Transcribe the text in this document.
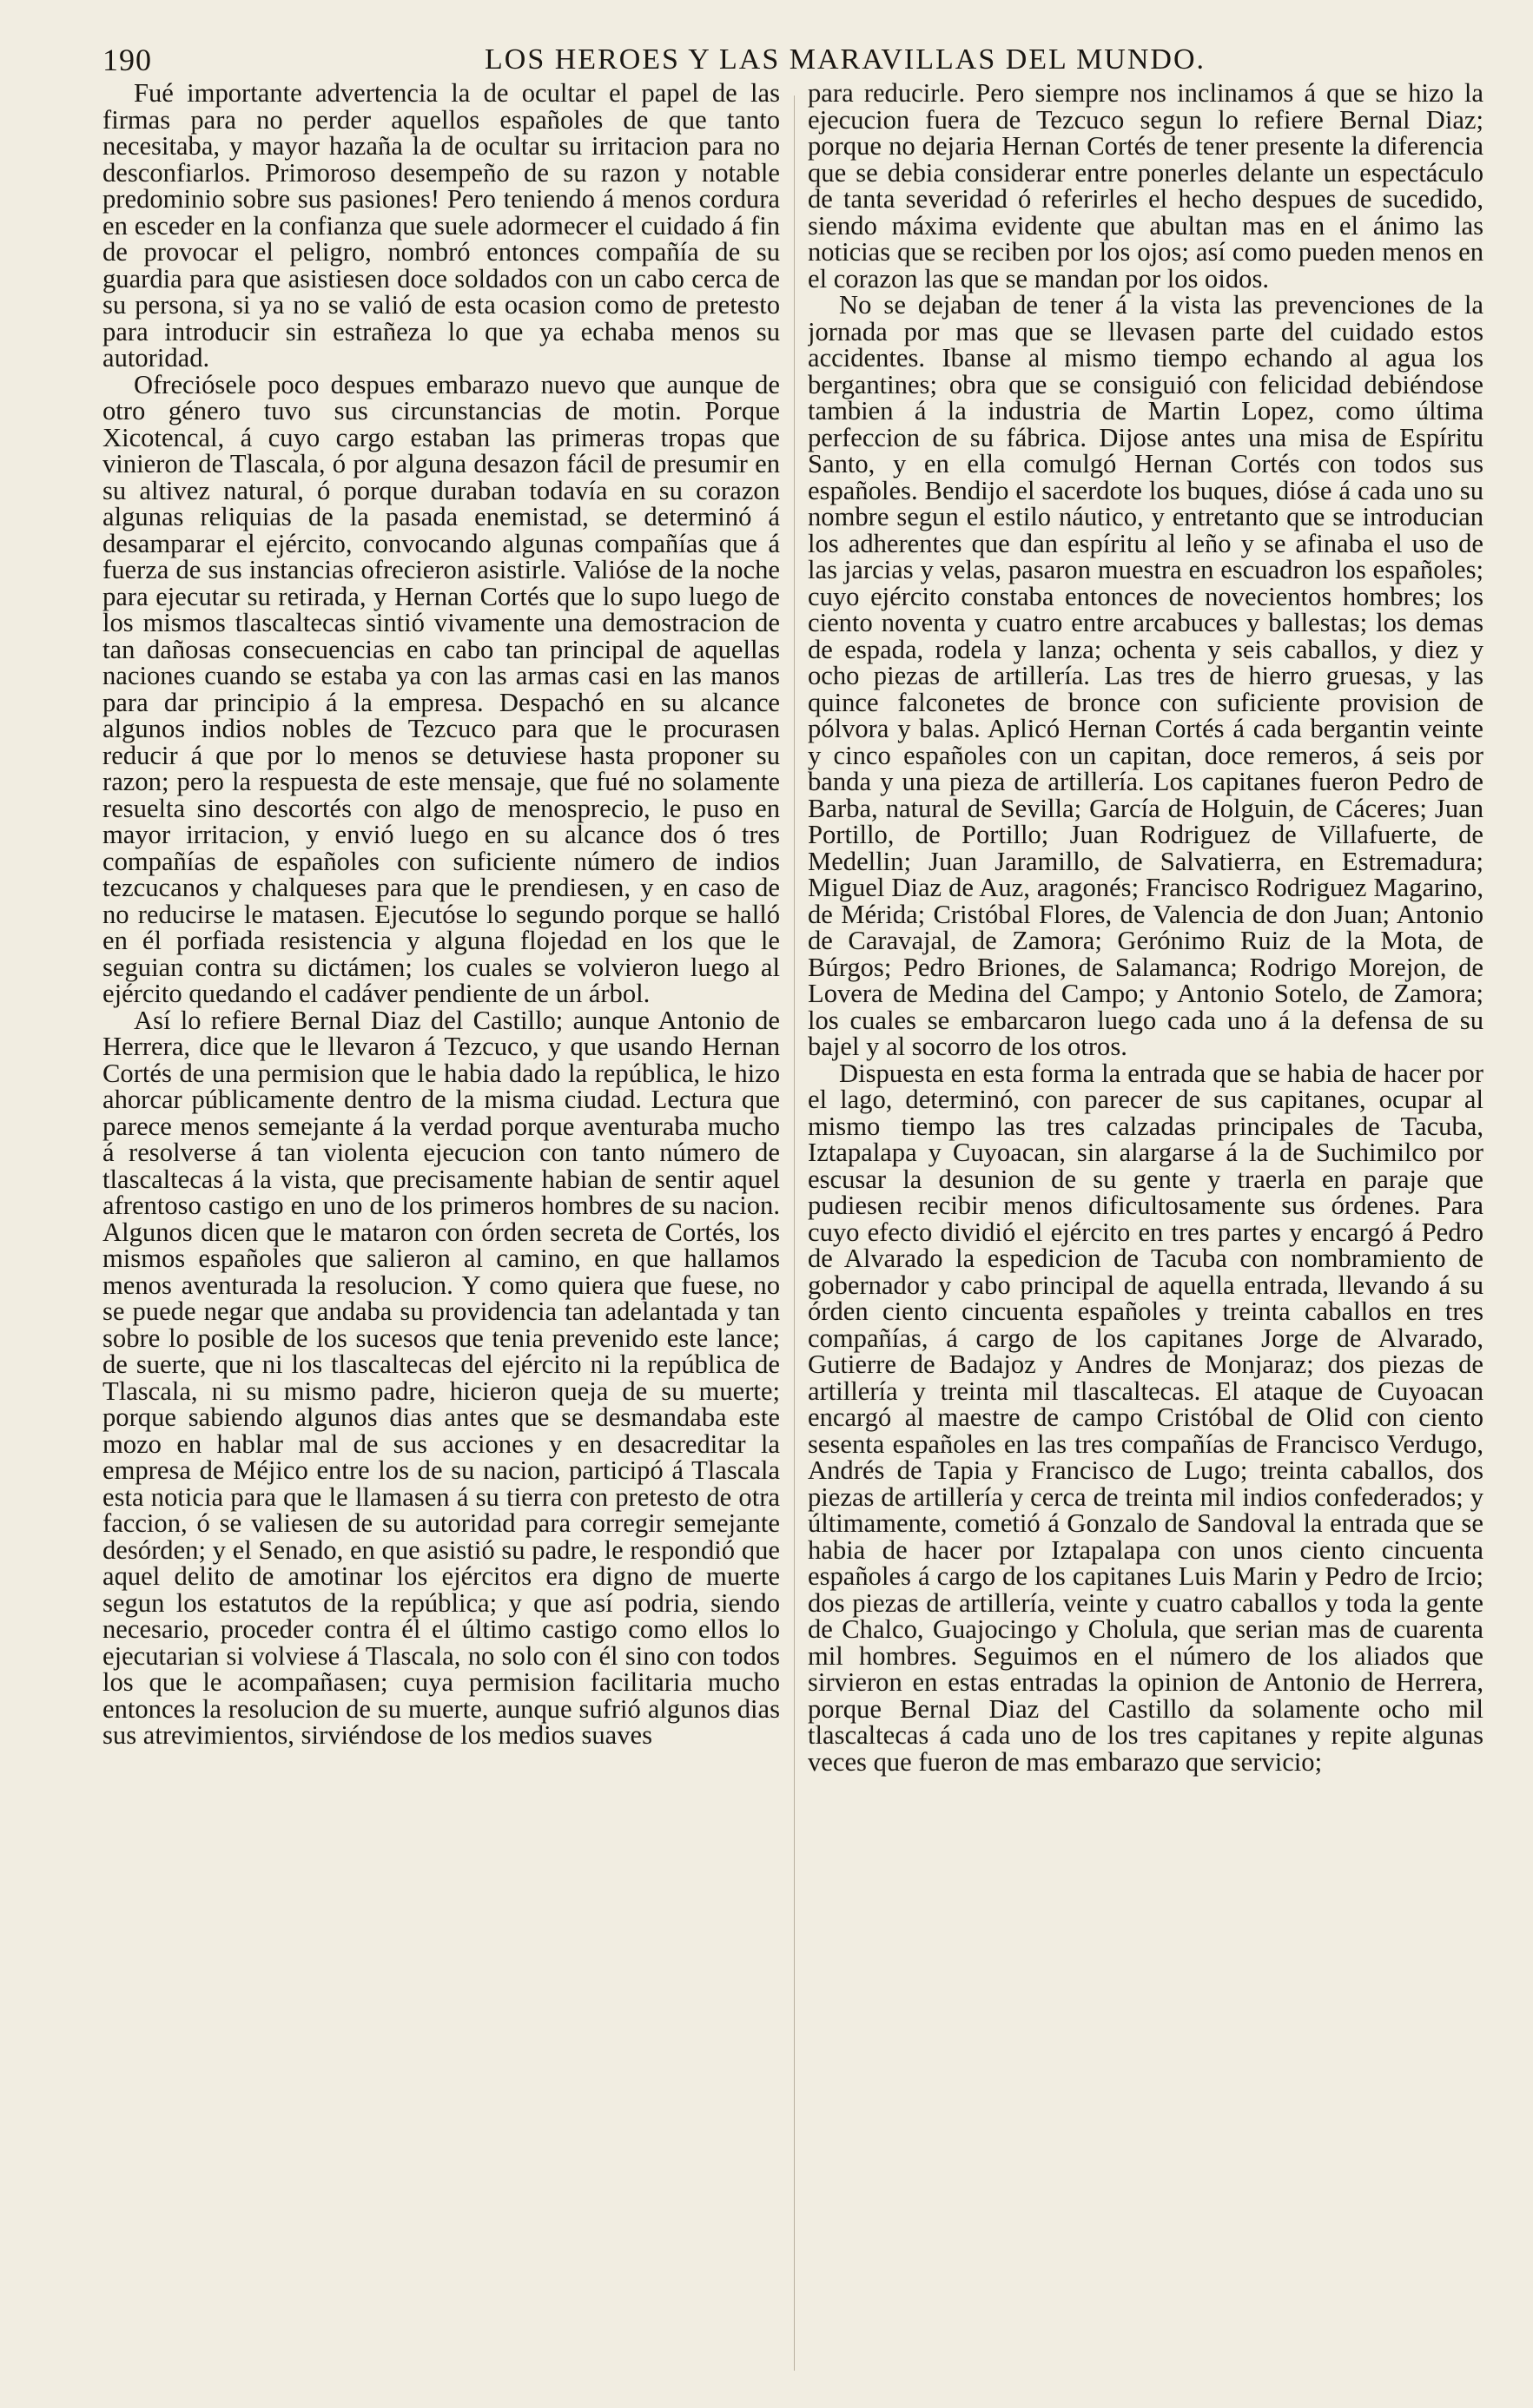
190	LOS HEROES Y LAS MARAVILLAS DEL MUNDO.

Fué importante advertencia la de ocultar el papel de las firmas para no perder aquellos españoles de que tanto necesitaba, y mayor hazaña la de ocultar su irritacion para no desconfiarlos. Primoroso desempeño de su razon y notable predominio sobre sus pasiones! Pero teniendo á menos cordura en esceder en la confianza que suele adormecer el cuidado á fin de provocar el peligro, nombró entonces compañía de su guardia para que asistiesen doce soldados con un cabo cerca de su persona, si ya no se valió de esta ocasion como de pretesto para introducir sin estrañeza lo que ya echaba menos su autoridad.

Ofreciósele poco despues embarazo nuevo que aunque de otro género tuvo sus circunstancias de motin. Porque Xicotencal, á cuyo cargo estaban las primeras tropas que vinieron de Tlascala, ó por alguna desazon fácil de presumir en su altivez natural, ó porque duraban todavía en su corazon algunas reliquias de la pasada enemistad, se determinó á desamparar el ejército, convocando algunas compañías que á fuerza de sus instancias ofrecieron asistirle. Valióse de la noche para ejecutar su retirada, y Hernan Cortés que lo supo luego de los mismos tlascaltecas sintió vivamente una demostracion de tan dañosas consecuencias en cabo tan principal de aquellas naciones cuando se estaba ya con las armas casi en las manos para dar principio á la empresa. Despachó en su alcance algunos indios nobles de Tezcuco para que le procurasen reducir á que por lo menos se detuviese hasta proponer su razon; pero la respuesta de este mensaje, que fué no solamente resuelta sino descortés con algo de menosprecio, le puso en mayor irritacion, y envió luego en su alcance dos ó tres compañías de españoles con suficiente número de indios tezcucanos y chalqueses para que le prendiesen, y en caso de no reducirse le matasen. Ejecutóse lo segundo porque se halló en él porfiada resistencia y alguna flojedad en los que le seguian contra su dictámen; los cuales se volvieron luego al ejército quedando el cadáver pendiente de un árbol.

Así lo refiere Bernal Diaz del Castillo; aunque Antonio de Herrera, dice que le llevaron á Tezcuco, y que usando Hernan Cortés de una permision que le habia dado la república, le hizo ahorcar públicamente dentro de la misma ciudad. Lectura que parece menos semejante á la verdad porque aventuraba mucho á resolverse á tan violenta ejecucion con tanto número de tlascaltecas á la vista, que precisamente habian de sentir aquel afrentoso castigo en uno de los primeros hombres de su nacion. Algunos dicen que le mataron con órden secreta de Cortés, los mismos españoles que salieron al camino, en que hallamos menos aventurada la resolucion. Y como quiera que fuese, no se puede negar que andaba su providencia tan adelantada y tan sobre lo posible de los sucesos que tenia prevenido este lance; de suerte, que ni los tlascaltecas del ejército ni la república de Tlascala, ni su mismo padre, hicieron queja de su muerte; porque sabiendo algunos dias antes que se desmandaba este mozo en hablar mal de sus acciones y en desacreditar la empresa de Méjico entre los de su nacion, participó á Tlascala esta noticia para que le llamasen á su tierra con pretesto de otra faccion, ó se valiesen de su autoridad para corregir semejante desórden; y el Senado, en que asistió su padre, le respondió que aquel delito de amotinar los ejércitos era digno de muerte segun los estatutos de la república; y que así podria, siendo necesario, proceder contra él el último castigo como ellos lo ejecutarian si volviese á Tlascala, no solo con él sino con todos los que le acompañasen; cuya permision facilitaria mucho entonces la resolucion de su muerte, aunque sufrió algunos dias sus atrevimientos, sirviéndose de los medios suaves

para reducirle. Pero siempre nos inclinamos á que se hizo la ejecucion fuera de Tezcuco segun lo refiere Bernal Diaz; porque no dejaria Hernan Cortés de tener presente la diferencia que se debia considerar entre ponerles delante un espectáculo de tanta severidad ó referirles el hecho despues de sucedido, siendo máxima evidente que abultan mas en el ánimo las noticias que se reciben por los ojos; así como pueden menos en el corazon las que se mandan por los oidos.

No se dejaban de tener á la vista las prevenciones de la jornada por mas que se llevasen parte del cuidado estos accidentes. Ibanse al mismo tiempo echando al agua los bergantines; obra que se consiguió con felicidad debiéndose tambien á la industria de Martin Lopez, como última perfeccion de su fábrica. Dijose antes una misa de Espíritu Santo, y en ella comulgó Hernan Cortés con todos sus españoles. Bendijo el sacerdote los buques, dióse á cada uno su nombre segun el estilo náutico, y entretanto que se introducian los adherentes que dan espíritu al leño y se afinaba el uso de las jarcias y velas, pasaron muestra en escuadron los españoles; cuyo ejército constaba entonces de novecientos hombres; los ciento noventa y cuatro entre arcabuces y ballestas; los demas de espada, rodela y lanza; ochenta y seis caballos, y diez y ocho piezas de artillería. Las tres de hierro gruesas, y las quince falconetes de bronce con suficiente provision de pólvora y balas. Aplicó Hernan Cortés á cada bergantin veinte y cinco españoles con un capitan, doce remeros, á seis por banda y una pieza de artillería. Los capitanes fueron Pedro de Barba, natural de Sevilla; García de Holguin, de Cáceres; Juan Portillo, de Portillo; Juan Rodriguez de Villafuerte, de Medellin; Juan Jaramillo, de Salvatierra, en Estremadura; Miguel Diaz de Auz, aragonés; Francisco Rodriguez Magarino, de Mérida; Cristóbal Flores, de Valencia de don Juan; Antonio de Caravajal, de Zamora; Gerónimo Ruiz de la Mota, de Búrgos; Pedro Briones, de Salamanca; Rodrigo Morejon, de Lovera de Medina del Campo; y Antonio Sotelo, de Zamora; los cuales se embarcaron luego cada uno á la defensa de su bajel y al socorro de los otros.

Dispuesta en esta forma la entrada que se habia de hacer por el lago, determinó, con parecer de sus capitanes, ocupar al mismo tiempo las tres calzadas principales de Tacuba, Iztapalapa y Cuyoacan, sin alargarse á la de Suchimilco por escusar la desunion de su gente y traerla en paraje que pudiesen recibir menos dificultosamente sus órdenes. Para cuyo efecto dividió el ejército en tres partes y encargó á Pedro de Alvarado la espedicion de Tacuba con nombramiento de gobernador y cabo principal de aquella entrada, llevando á su órden ciento cincuenta españoles y treinta caballos en tres compañías, á cargo de los capitanes Jorge de Alvarado, Gutierre de Badajoz y Andres de Monjaraz; dos piezas de artillería y treinta mil tlascaltecas. El ataque de Cuyoacan encargó al maestre de campo Cristóbal de Olid con ciento sesenta españoles en las tres compañías de Francisco Verdugo, Andrés de Tapia y Francisco de Lugo; treinta caballos, dos piezas de artillería y cerca de treinta mil indios confederados; y últimamente, cometió á Gonzalo de Sandoval la entrada que se habia de hacer por Iztapalapa con unos ciento cincuenta españoles á cargo de los capitanes Luis Marin y Pedro de Ircio; dos piezas de artillería, veinte y cuatro caballos y toda la gente de Chalco, Guajocingo y Cholula, que serian mas de cuarenta mil hombres. Seguimos en el número de los aliados que sirvieron en estas entradas la opinion de Antonio de Herrera, porque Bernal Diaz del Castillo da solamente ocho mil tlascaltecas á cada uno de los tres capitanes y repite algunas veces que fueron de mas embarazo que servicio;
